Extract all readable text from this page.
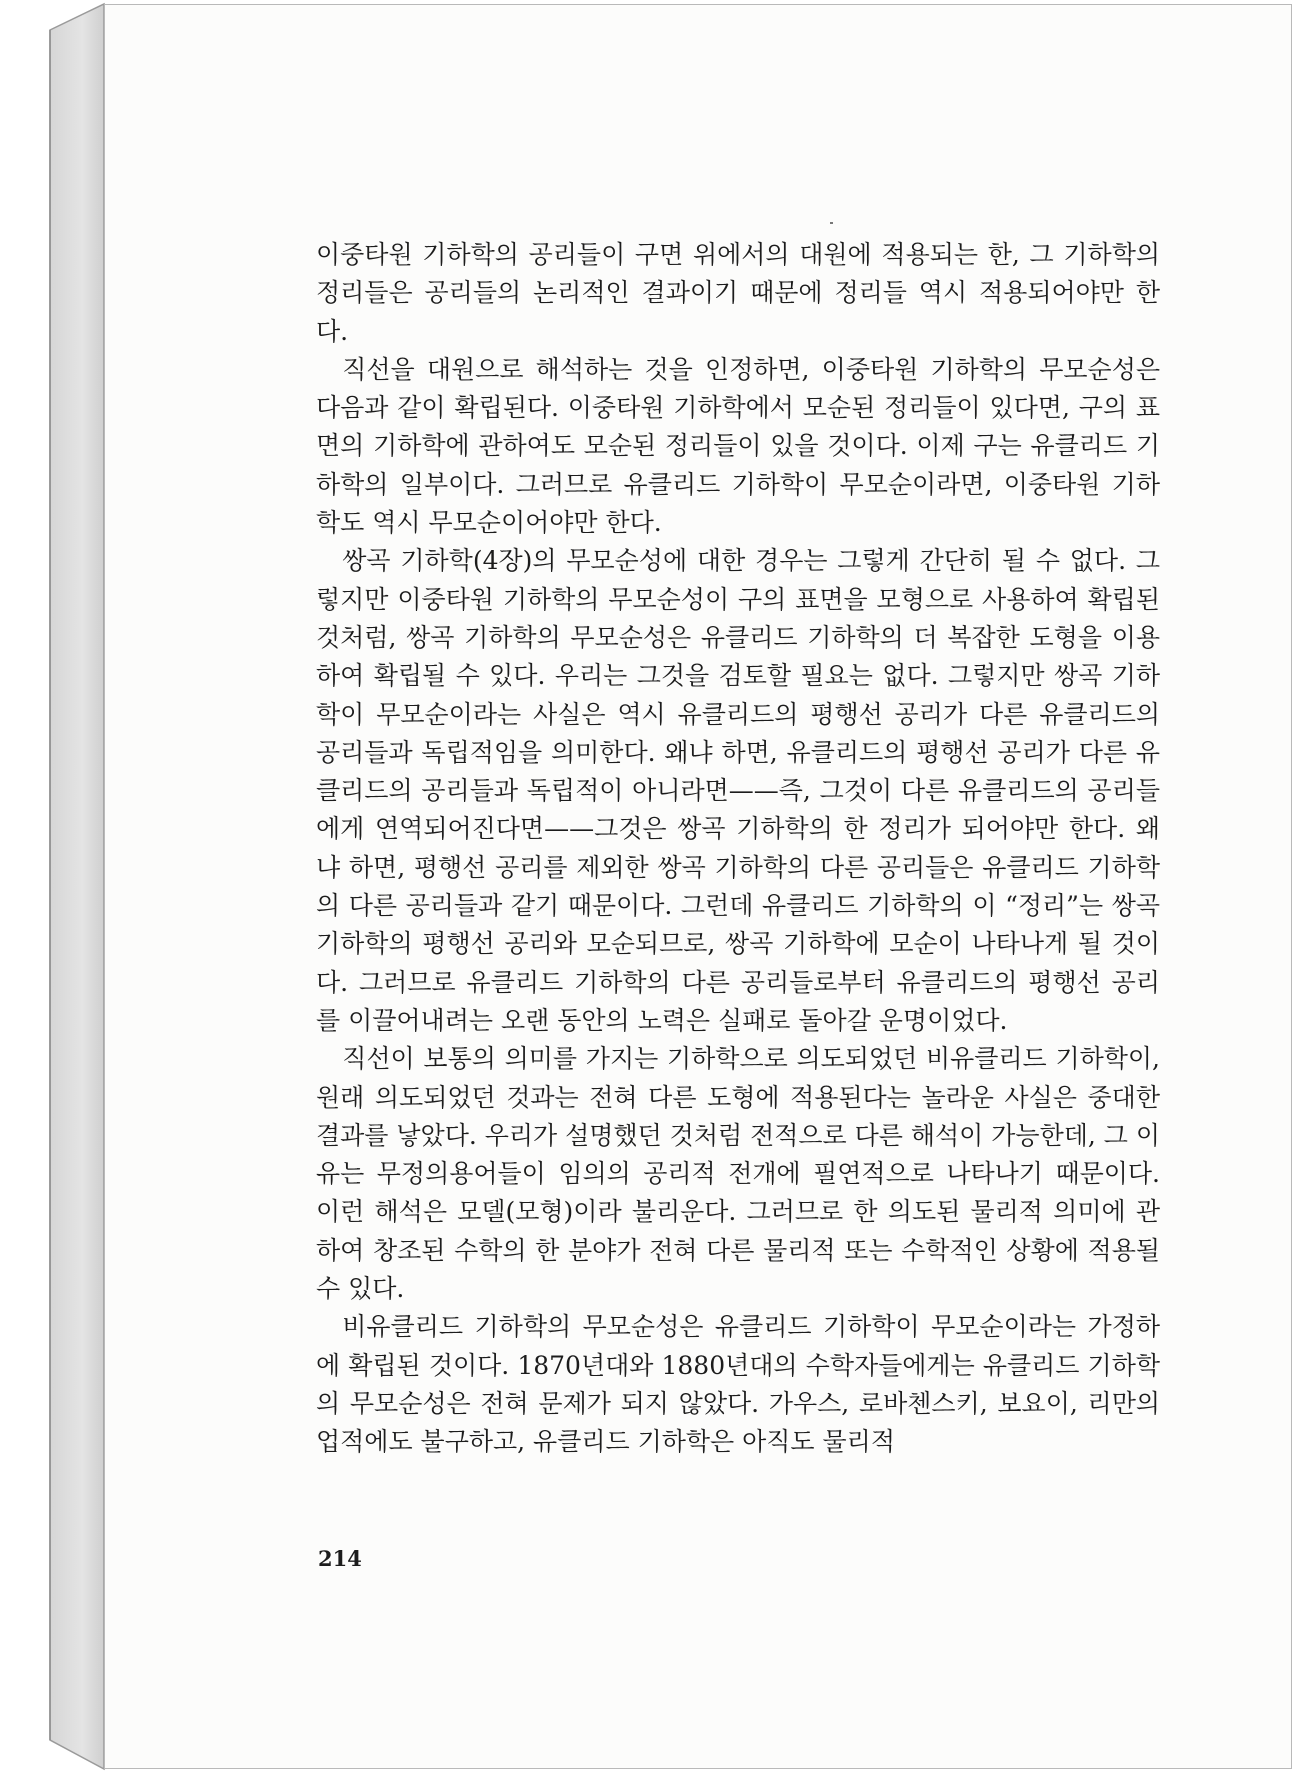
이중타원 기하학의 공리들이 구면 위에서의 대원에 적용되는 한, 그 기하학의 정리들은 공리들의 논리적인 결과이기 때문에 정리들 역시 적용되어야만 한다.

직선을 대원으로 해석하는 것을 인정하면, 이중타원 기하학의 무모순성은 다음과 같이 확립된다. 이중타원 기하학에서 모순된 정리들이 있다면, 구의 표면의 기하학에 관하여도 모순된 정리들이 있을 것이다. 이제 구는 유클리드 기하학의 일부이다. 그러므로 유클리드 기하학이 무모순이라면, 이중타원 기하학도 역시 무모순이어야만 한다.

쌍곡 기하학(4장)의 무모순성에 대한 경우는 그렇게 간단히 될 수 없다. 그렇지만 이중타원 기하학의 무모순성이 구의 표면을 모형으로 사용하여 확립된 것처럼, 쌍곡 기하학의 무모순성은 유클리드 기하학의 더 복잡한 도형을 이용하여 확립될 수 있다. 우리는 그것을 검토할 필요는 없다. 그렇지만 쌍곡 기하학이 무모순이라는 사실은 역시 유클리드의 평행선 공리가 다른 유클리드의 공리들과 독립적임을 의미한다. 왜냐 하면, 유클리드의 평행선 공리가 다른 유클리드의 공리들과 독립적이 아니라면——즉, 그것이 다른 유클리드의 공리들에게 연역되어진다면——그것은 쌍곡 기하학의 한 정리가 되어야만 한다. 왜냐 하면, 평행선 공리를 제외한 쌍곡 기하학의 다른 공리들은 유클리드 기하학의 다른 공리들과 같기 때문이다. 그런데 유클리드 기하학의 이 “정리”는 쌍곡 기하학의 평행선 공리와 모순되므로, 쌍곡 기하학에 모순이 나타나게 될 것이다. 그러므로 유클리드 기하학의 다른 공리들로부터 유클리드의 평행선 공리를 이끌어내려는 오랜 동안의 노력은 실패로 돌아갈 운명이었다.

직선이 보통의 의미를 가지는 기하학으로 의도되었던 비유클리드 기하학이, 원래 의도되었던 것과는 전혀 다른 도형에 적용된다는 놀라운 사실은 중대한 결과를 낳았다. 우리가 설명했던 것처럼 전적으로 다른 해석이 가능한데, 그 이유는 무정의용어들이 임의의 공리적 전개에 필연적으로 나타나기 때문이다. 이런 해석은 모델(모형)이라 불리운다. 그러므로 한 의도된 물리적 의미에 관하여 창조된 수학의 한 분야가 전혀 다른 물리적 또는 수학적인 상황에 적용될 수 있다.

비유클리드 기하학의 무모순성은 유클리드 기하학이 무모순이라는 가정하에 확립된 것이다. 1870년대와 1880년대의 수학자들에게는 유클리드 기하학의 무모순성은 전혀 문제가 되지 않았다. 가우스, 로바첸스키, 보요이, 리만의 업적에도 불구하고, 유클리드 기하학은 아직도 물리적

214
